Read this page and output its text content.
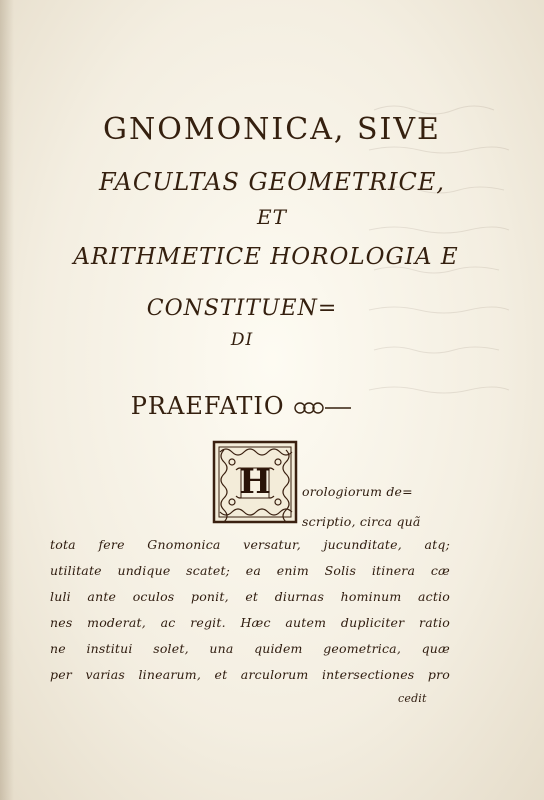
GNOMONICA, SIVE
FACULTAS GEOMETRICE,
ET
ARITHMETICE HOROLOGIA E
CONSTITUEN=
DI
PRAEFATIO
H	orologiorum de=
scriptio, circa quã
tota fere Gnomonica versatur, jucunditate, atq;
utilitate undique scatet; ea enim Solis itinera cæ
luli ante oculos ponit, et diurnas hominum actio
nes moderat, ac regit. Hæc autem dupliciter ratio
ne institui solet, una quidem geometrica, quæ
per varias linearum, et arculorum intersectiones pro
cedit
